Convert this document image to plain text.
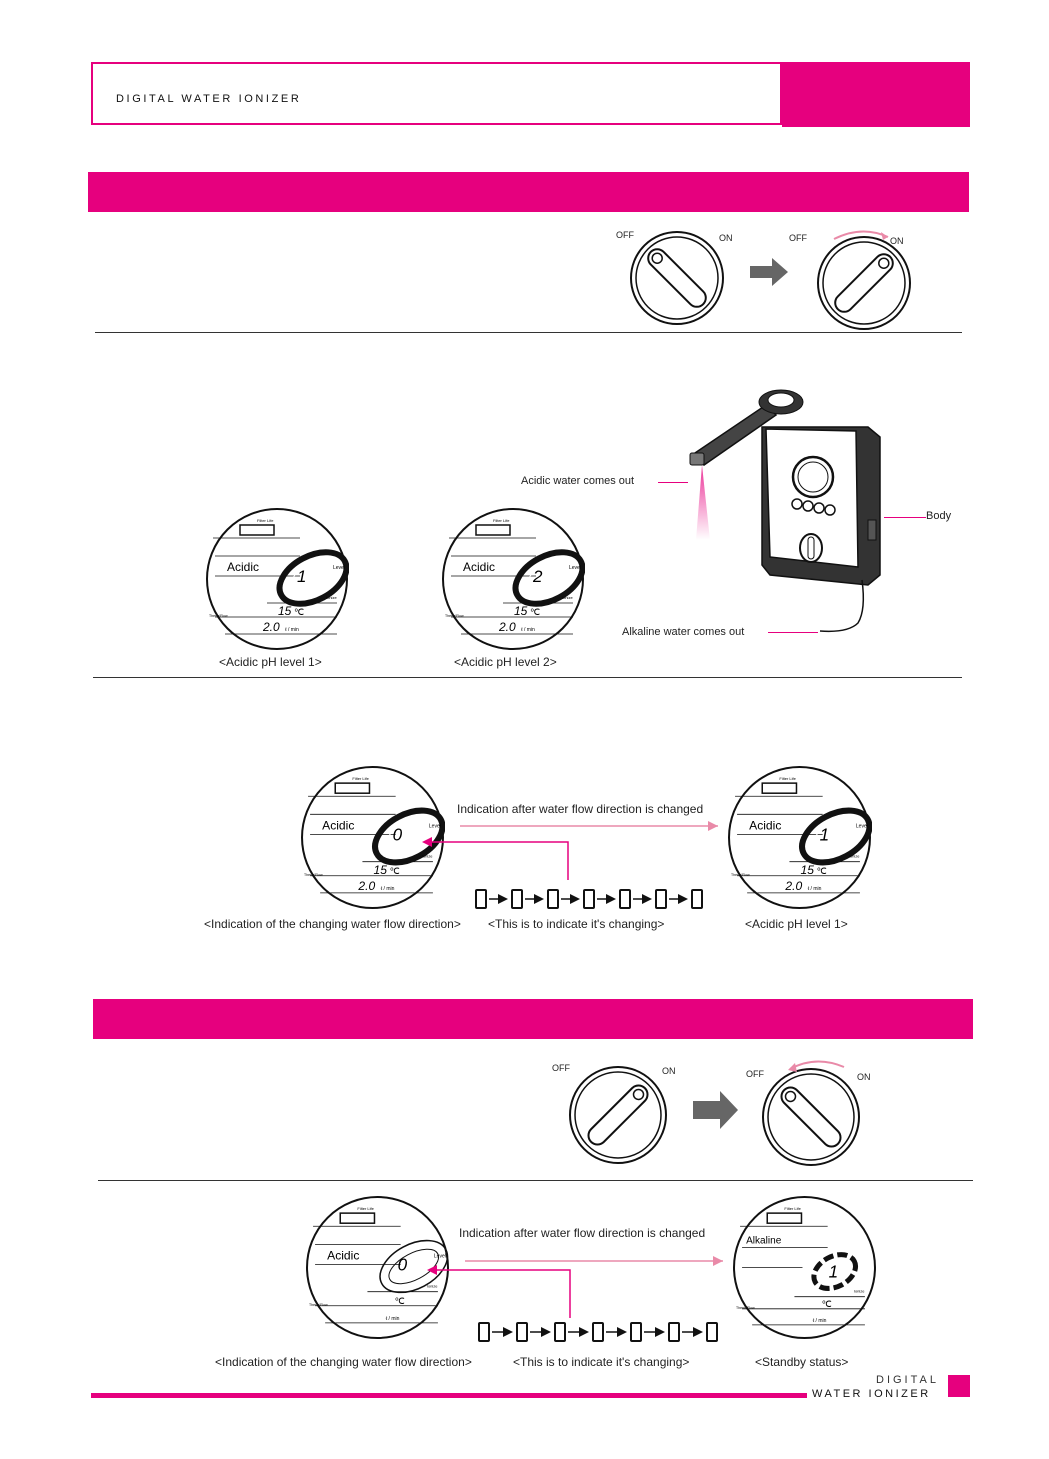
DIGITAL WATER IONIZER
OFF	ON	OFF	ON
Acidic water comes out
Body
Alkaline water comes out
Filter Life
Acidic	Level
Ionize
Therm/Flow
1
15 ℃
2.0 ℓ / min
<Acidic pH level 1>
Filter Life
Acidic	Level
Ionize
Therm/Flow
2
15 ℃
2.0 ℓ / min
<Acidic pH level 2>
Filter Life
Acidic	Level
Ionize
Therm/Flow
0
15 ℃
2.0 ℓ / min
Filter Life
Acidic	Level
Ionize
Therm/Flow
1
15 ℃
2.0 ℓ / min
Indication after water flow direction is changed
<Indication of the changing water flow direction> <This is to indicate it's changing>	<Acidic pH level 1>
OFF	ON	OFF	ON
Filter Life
Acidic	Level
Ionize
Therm/Flow
0
℃
ℓ / min
Filter Life
Alkaline
Ionize
Therm/Flow
1
℃
ℓ / min
Indication after water flow direction is changed
<Indication of the changing water flow direction>	<This is to indicate it's changing>	<Standby status>
DIGITAL
WATER IONIZER
